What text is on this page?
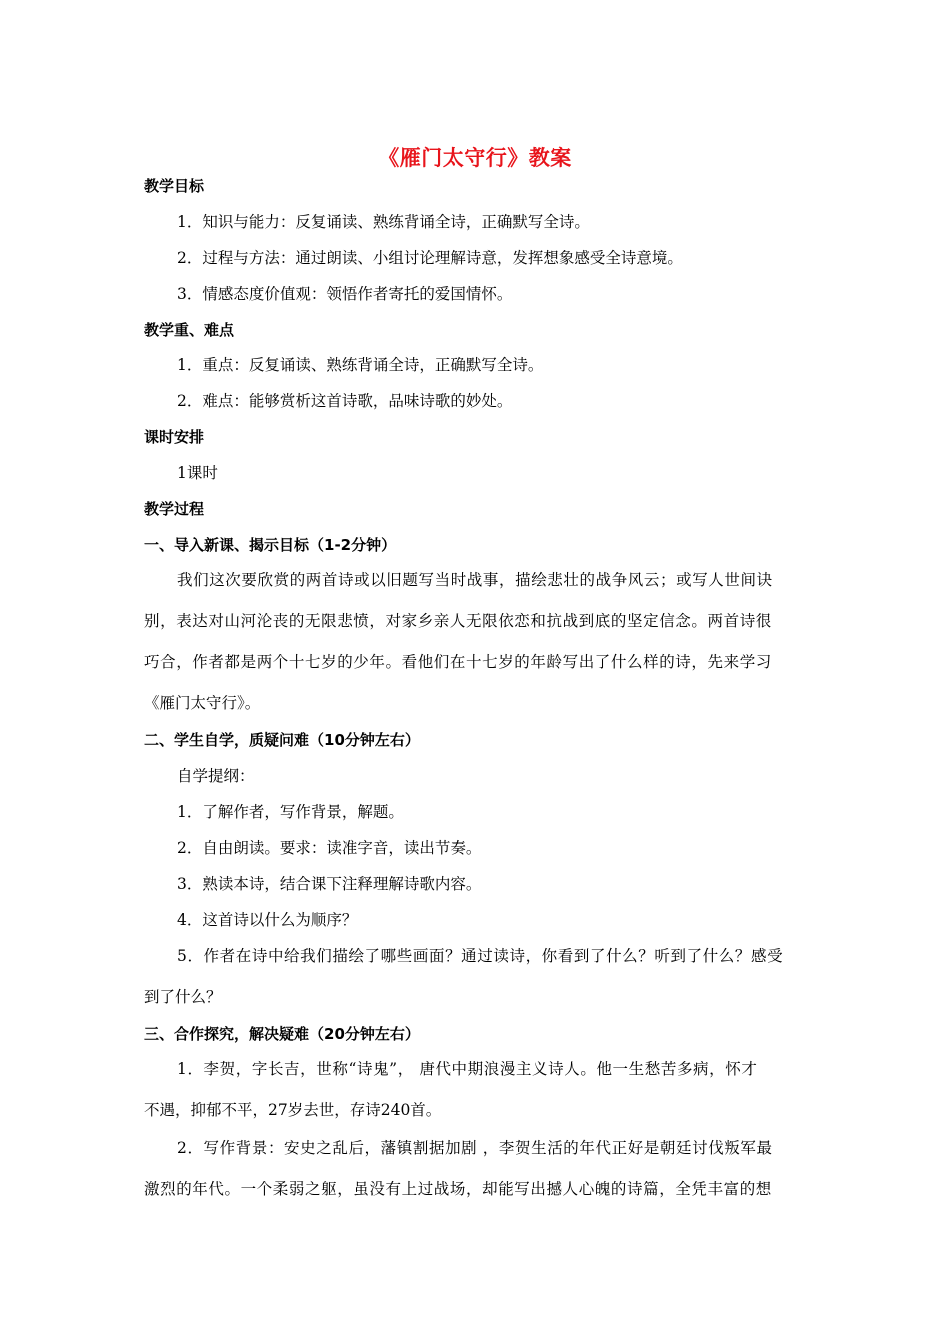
《雁门太守行》教案
教学目标
1．知识与能力：反复诵读、熟练背诵全诗，正确默写全诗。
2．过程与方法：通过朗读、小组讨论理解诗意，发挥想象感受全诗意境。
3．情感态度价值观：领悟作者寄托的爱国情怀。
教学重、难点
1．重点：反复诵读、熟练背诵全诗，正确默写全诗。
2．难点：能够赏析这首诗歌，品味诗歌的妙处。
课时安排
1课时
教学过程
一、导入新课、揭示目标（1-2分钟）
我们这次要欣赏的两首诗或以旧题写当时战事，描绘悲壮的战争风云；或写人世间诀
别，表达对山河沦丧的无限悲愤，对家乡亲人无限依恋和抗战到底的坚定信念。两首诗很
巧合，作者都是两个十七岁的少年。看他们在十七岁的年龄写出了什么样的诗，先来学习
《雁门太守行》。
二、学生自学，质疑问难（10分钟左右）
自学提纲：
1．了解作者，写作背景，解题。
2．自由朗读。要求：读准字音，读出节奏。
3．熟读本诗，结合课下注释理解诗歌内容。
4．这首诗以什么为顺序？
5．作者在诗中给我们描绘了哪些画面？通过读诗，你看到了什么？听到了什么？感受
到了什么？
三、合作探究，解决疑难（20分钟左右）
1．李贺，字长吉，世称“诗鬼”， 唐代中期浪漫主义诗人。他一生愁苦多病，怀才
不遇，抑郁不平，27岁去世，存诗240首。
2．写作背景：安史之乱后，藩镇割据加剧 ，李贺生活的年代正好是朝廷讨伐叛军最
激烈的年代。一个柔弱之躯，虽没有上过战场，却能写出撼人心魄的诗篇，全凭丰富的想
